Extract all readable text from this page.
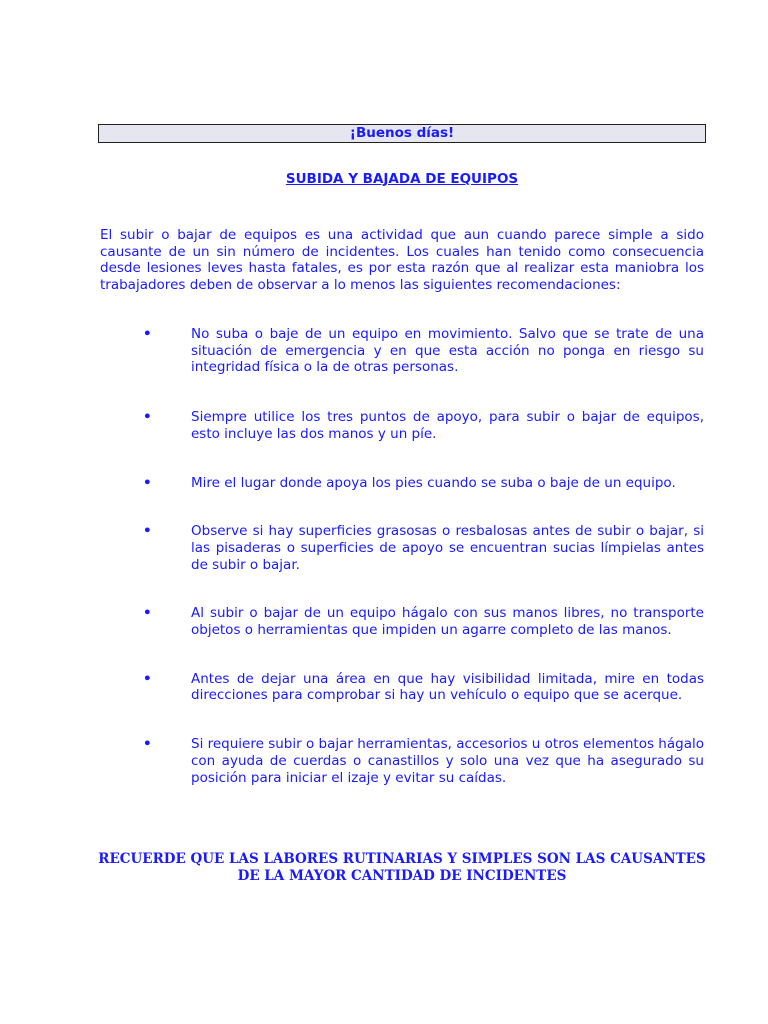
¡Buenos días!
SUBIDA Y BAJADA DE EQUIPOS

El subir o bajar de equipos es una actividad que aun cuando parece simple a sido causante de un sin número de incidentes. Los cuales han tenido como consecuencia desde lesiones leves hasta fatales, es por esta razón que al realizar esta maniobra los trabajadores deben de observar a lo menos las siguientes recomendaciones:

•	No suba o baje de un equipo en movimiento. Salvo que se trate de una situación de emergencia y en que esta acción no ponga en riesgo su integridad física o la de otras personas.
•	Siempre utilice los tres puntos de apoyo, para subir o bajar de equipos, esto incluye las dos manos y un píe.
•	Mire el lugar donde apoya los pies cuando se suba o baje de un equipo.
•	Observe si hay superficies grasosas o resbalosas antes de subir o bajar, si las pisaderas o superficies de apoyo se encuentran sucias límpielas antes de subir o bajar.
•	Al subir o bajar de un equipo hágalo con sus manos libres, no transporte objetos o herramientas que impiden un agarre completo de las manos.
•	Antes de dejar una área en que hay visibilidad limitada, mire en todas direcciones para comprobar si hay un vehículo o equipo que se acerque.
•	Si requiere subir o bajar herramientas, accesorios u otros elementos hágalo con ayuda de cuerdas o canastillos y solo una vez que ha asegurado su posición para iniciar el izaje y evitar su caídas.

RECUERDE QUE LAS LABORES RUTINARIAS Y SIMPLES SON LAS CAUSANTES DE LA MAYOR CANTIDAD DE INCIDENTES
